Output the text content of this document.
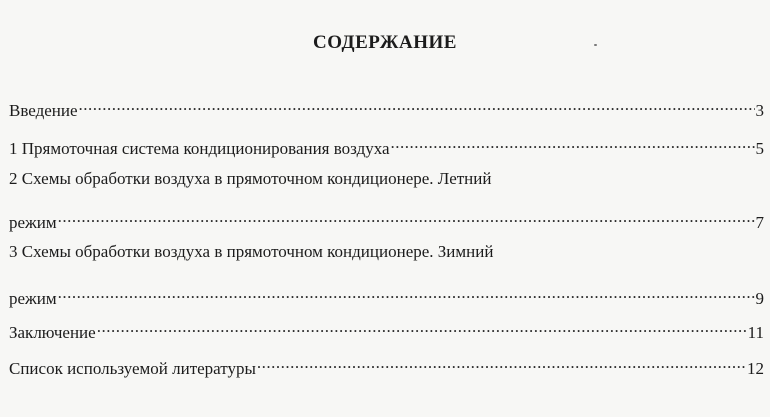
СОДЕРЖАНИЕ
Введение .....	3
1 Прямоточная система кондиционирования воздуха .....	5
2 Схемы обработки воздуха в прямоточном кондиционере. Летний
режим .....	7
3 Схемы обработки воздуха в прямоточном кондиционере. Зимний
режим .....	9
Заключение .....	11
Список используемой литературы .....	12
